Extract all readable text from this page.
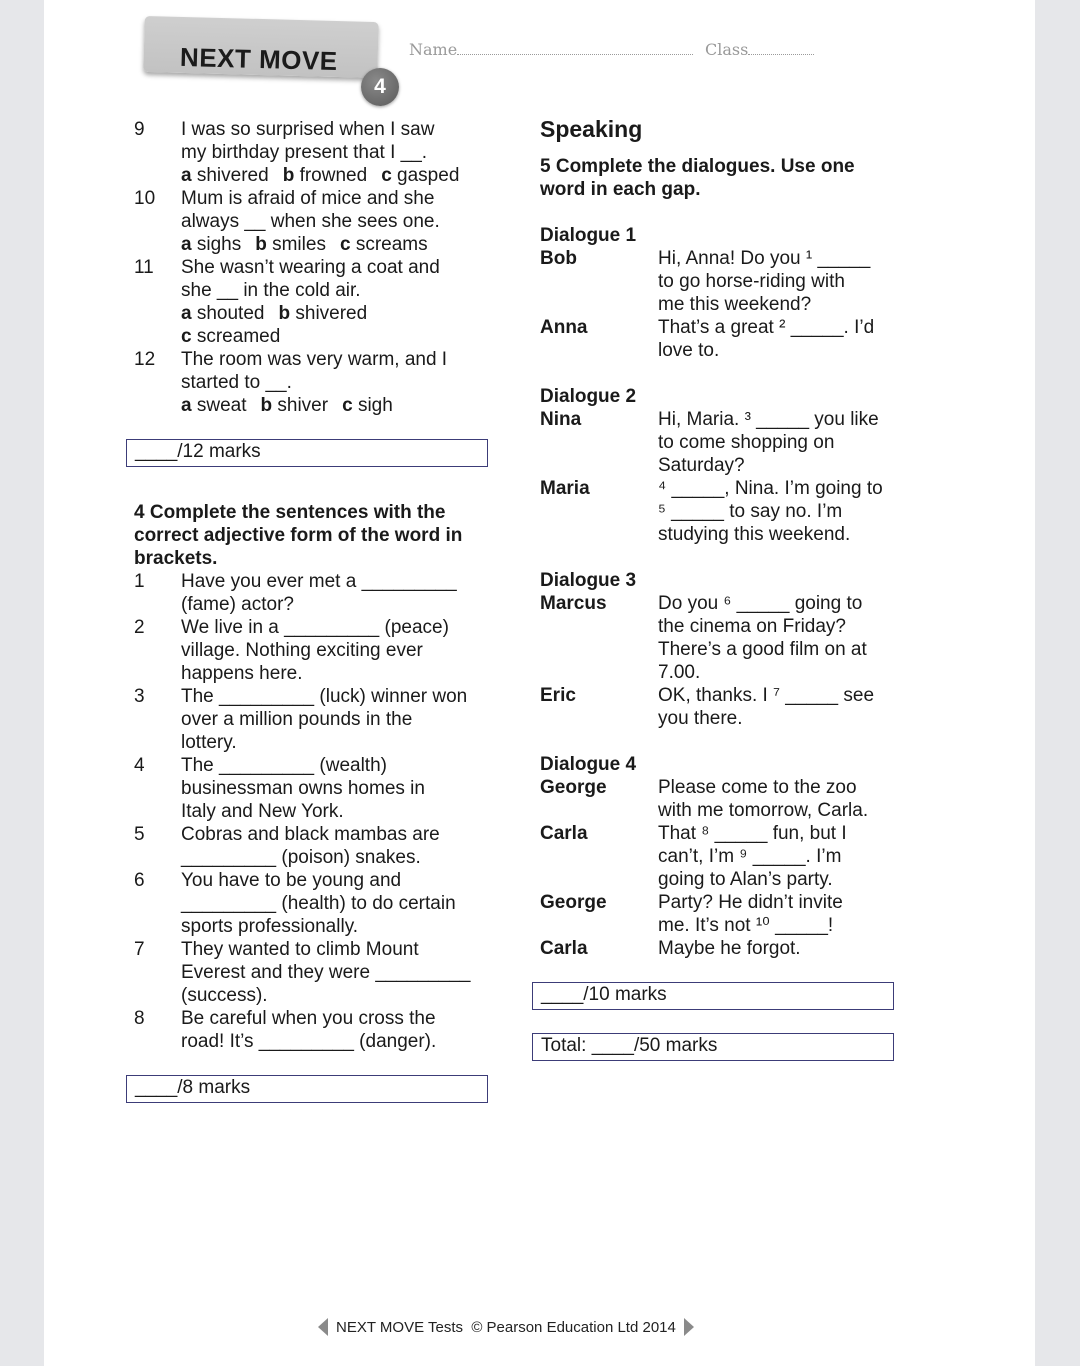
NEXT MOVE
4
Name	Class
9 I was so surprised when I saw
my birthday present that I __.
a shivered b frowned c gasped
10 Mum is afraid of mice and she
always __ when she sees one.
a sighs b smiles c screams
11 She wasn’t wearing a coat and
she __ in the cold air.
a shouted b shivered
c screamed
12 The room was very warm, and I
started to __.
a sweat b shiver c sigh
____/12 marks
4 Complete the sentences with the
correct adjective form of the word in
brackets.
1 Have you ever met a _________
(fame) actor?
2 We live in a _________ (peace)
village. Nothing exciting ever
happens here.
3 The _________ (luck) winner won
over a million pounds in the
lottery.
4 The _________ (wealth)
businessman owns homes in
Italy and New York.
5 Cobras and black mambas are
_________ (poison) snakes.
6 You have to be young and
_________ (health) to do certain
sports professionally.
7 They wanted to climb Mount
Everest and they were _________
(success).
8 Be careful when you cross the
road! It’s _________ (danger).
____/8 marks
Speaking
5 Complete the dialogues. Use one
word in each gap.
Dialogue 1
Bob	Hi, Anna! Do you ¹ _____
to go horse-riding with
me this weekend?
Anna	That’s a great ² _____. I’d
love to.
Dialogue 2
Nina	Hi, Maria. ³ _____ you like
to come shopping on
Saturday?
Maria	⁴ _____, Nina. I’m going to
⁵ _____ to say no. I’m
studying this weekend.
Dialogue 3
Marcus	Do you ⁶ _____ going to
the cinema on Friday?
There’s a good film on at
7.00.
Eric	OK, thanks. I ⁷ _____ see
you there.
Dialogue 4
George	Please come to the zoo
with me tomorrow, Carla.
Carla	That ⁸ _____ fun, but I
can’t, I’m ⁹ _____. I’m
going to Alan’s party.
George	Party? He didn’t invite
me. It’s not ¹⁰ _____!
Carla	Maybe he forgot.
____/10 marks
Total: ____/50 marks
NEXT MOVE Tests  © Pearson Education Ltd 2014
